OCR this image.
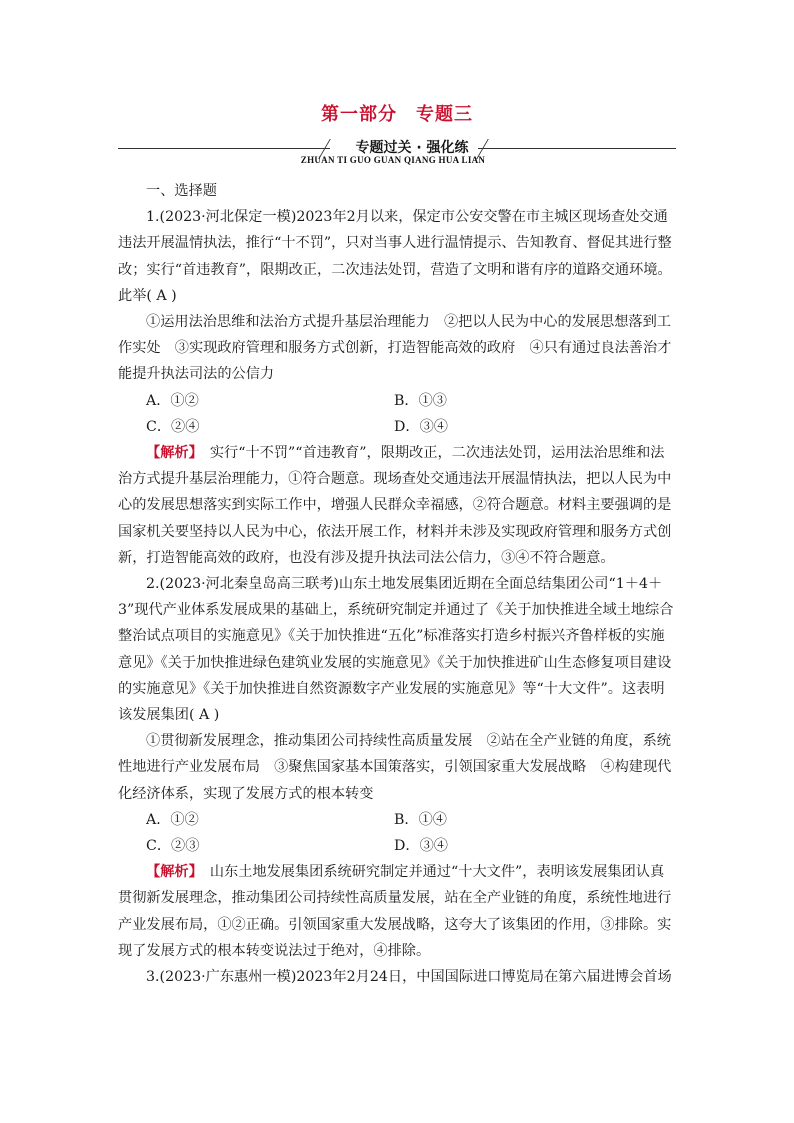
第一部分　专题三
专题过关 · 强化练
ZHUAN TI GUO GUAN QIANG HUA LIAN

一、选择题

1.(2023·河北保定一模)2023年2月以来，保定市公安交警在市主城区现场查处交通违法开展温情执法，推行“十不罚”，只对当事人进行温情提示、告知教育、督促其进行整改；实行“首违教育”，限期改正，二次违法处罚，营造了文明和谐有序的道路交通环境。此举( A )

①运用法治思维和法治方式提升基层治理能力　②把以人民为中心的发展思想落到工作实处　③实现政府管理和服务方式创新，打造智能高效的政府　④只有通过良法善治才能提升执法司法的公信力

A．①②	B．①③
C．②④	D．③④

【解析】　实行“十不罚”“首违教育”，限期改正，二次违法处罚，运用法治思维和法治方式提升基层治理能力，①符合题意。现场查处交通违法开展温情执法，把以人民为中心的发展思想落实到实际工作中，增强人民群众幸福感，②符合题意。材料主要强调的是国家机关要坚持以人民为中心，依法开展工作，材料并未涉及实现政府管理和服务方式创新，打造智能高效的政府，也没有涉及提升执法司法公信力，③④不符合题意。

2.(2023·河北秦皇岛高三联考)山东土地发展集团近期在全面总结集团公司“1＋4＋3”现代产业体系发展成果的基础上，系统研究制定并通过了《关于加快推进全域土地综合整治试点项目的实施意见》《关于加快推进“五化”标准落实打造乡村振兴齐鲁样板的实施意见》《关于加快推进绿色建筑业发展的实施意见》《关于加快推进矿山生态修复项目建设的实施意见》《关于加快推进自然资源数字产业发展的实施意见》等“十大文件”。这表明该发展集团( A )

①贯彻新发展理念，推动集团公司持续性高质量发展　②站在全产业链的角度，系统性地进行产业发展布局　③聚焦国家基本国策落实，引领国家重大发展战略　④构建现代化经济体系，实现了发展方式的根本转变

A．①②	B．①④
C．②③	D．③④

【解析】　山东土地发展集团系统研究制定并通过“十大文件”，表明该发展集团认真贯彻新发展理念，推动集团公司持续性高质量发展，站在全产业链的角度，系统性地进行产业发展布局，①②正确。引领国家重大发展战略，这夸大了该集团的作用，③排除。实现了发展方式的根本转变说法过于绝对，④排除。

3.(2023·广东惠州一模)2023年2月24日，中国国际进口博览局在第六届进博会首场
